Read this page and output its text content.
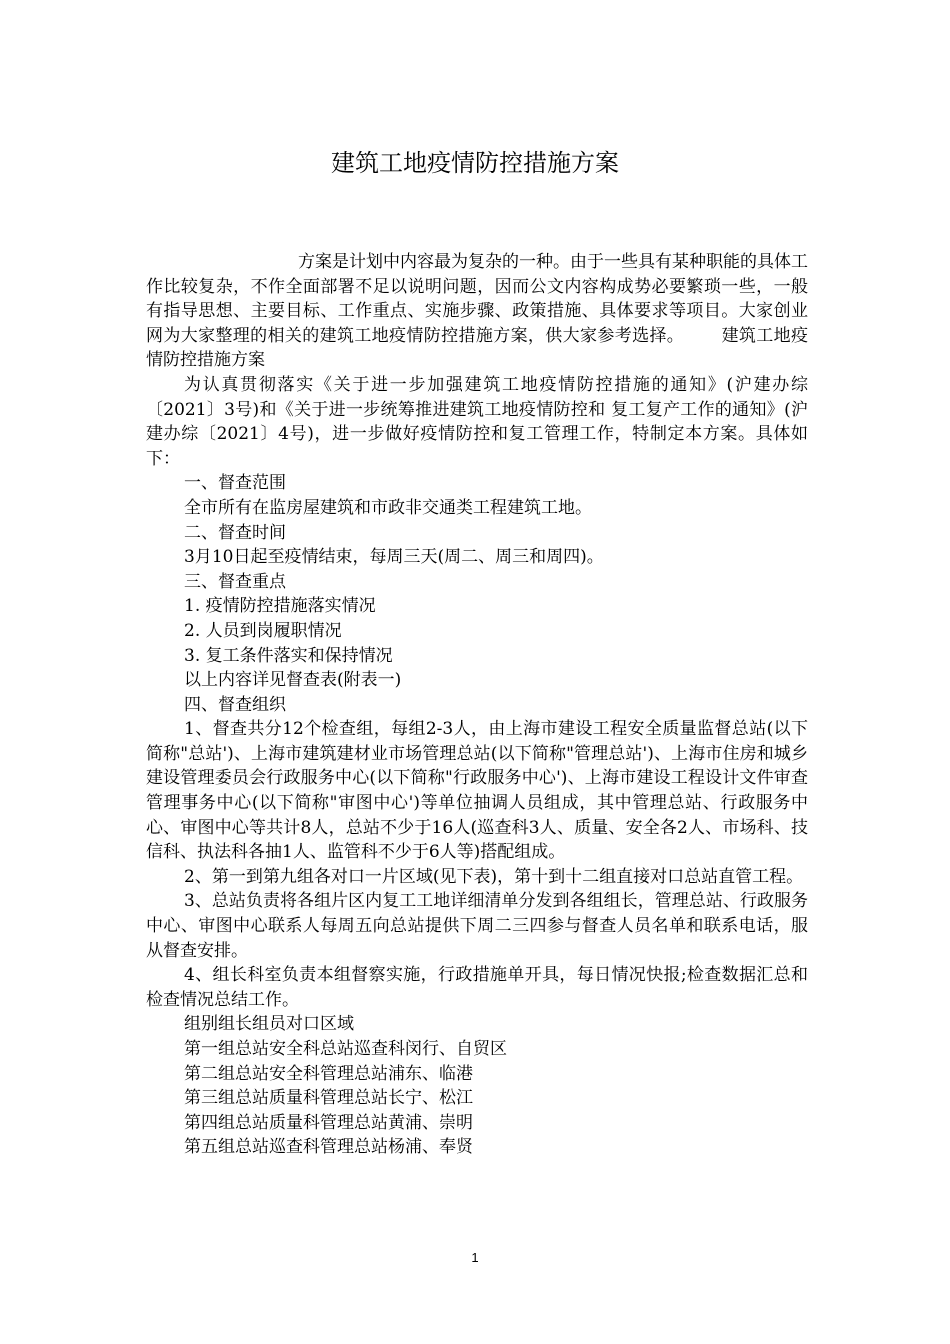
建筑工地疫情防控措施方案

方案是计划中内容最为复杂的一种。由于一些具有某种职能的具体工作比较复杂，不作全面部署不足以说明问题，因而公文内容构成势必要繁琐一些，一般有指导思想、主要目标、工作重点、实施步骤、政策措施、具体要求等项目。大家创业网为大家整理的相关的建筑工地疫情防控措施方案，供大家参考选择。 建筑工地疫情防控措施方案

为认真贯彻落实《关于进一步加强建筑工地疫情防控措施的通知》(沪建办综〔2021〕3号)和《关于进一步统筹推进建筑工地疫情防控和 复工复产工作的通知》(沪建办综〔2021〕4号)，进一步做好疫情防控和复工管理工作，特制定本方案。具体如下：

一、督查范围

全市所有在监房屋建筑和市政非交通类工程建筑工地。

二、督查时间

3月10日起至疫情结束，每周三天(周二、周三和周四)。

三、督查重点

1. 疫情防控措施落实情况

2. 人员到岗履职情况

3. 复工条件落实和保持情况

以上内容详见督查表(附表一)

四、督查组织

1、督查共分12个检查组，每组2-3人，由上海市建设工程安全质量监督总站(以下简称"总站')、上海市建筑建材业市场管理总站(以下简称"管理总站')、上海市住房和城乡建设管理委员会行政服务中心(以下简称"行政服务中心')、上海市建设工程设计文件审查管理事务中心(以下简称"审图中心')等单位抽调人员组成，其中管理总站、行政服务中心、审图中心等共计8人，总站不少于16人(巡查科3人、质量、安全各2人、市场科、技信科、执法科各抽1人、监管科不少于6人等)搭配组成。

2、第一到第九组各对口一片区域(见下表)，第十到十二组直接对口总站直管工程。

3、总站负责将各组片区内复工工地详细清单分发到各组组长，管理总站、行政服务中心、审图中心联系人每周五向总站提供下周二三四参与督查人员名单和联系电话，服从督查安排。

4、组长科室负责本组督察实施，行政措施单开具，每日情况快报;检查数据汇总和检查情况总结工作。

组别组长组员对口区域

第一组总站安全科总站巡查科闵行、自贸区

第二组总站安全科管理总站浦东、临港

第三组总站质量科管理总站长宁、松江

第四组总站质量科管理总站黄浦、崇明

第五组总站巡查科管理总站杨浦、奉贤

1
